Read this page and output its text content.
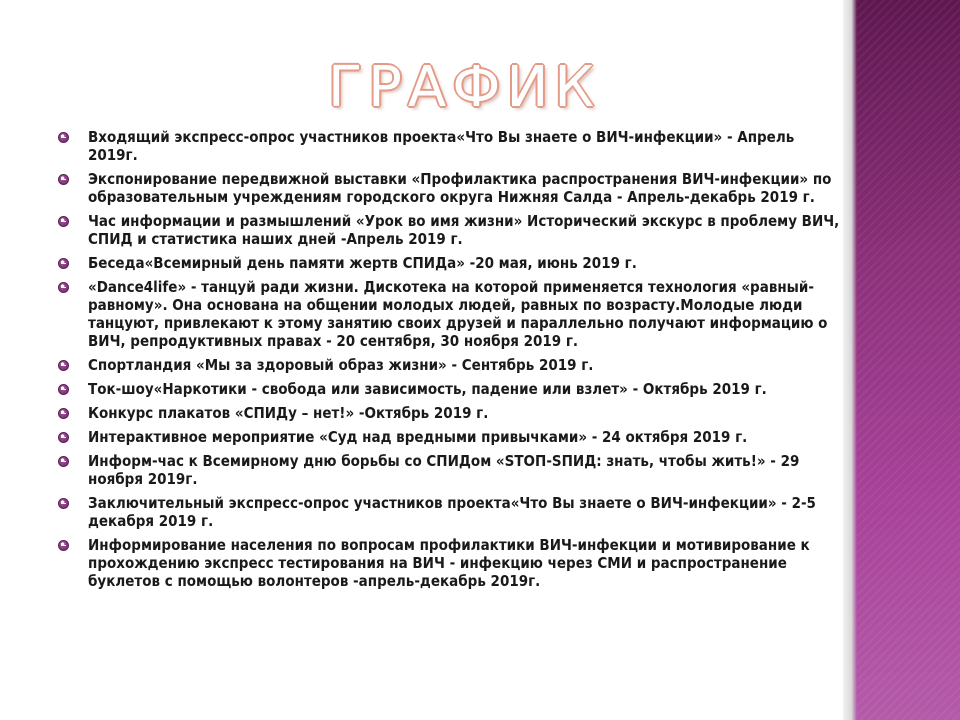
ГРАФИК
Входящий экспресс-опрос участников проекта«Что Вы знаете о ВИЧ-инфекции» - Апрель 2019г.
Экспонирование передвижной выставки «Профилактика распространения ВИЧ-инфекции» по образовательным учреждениям городского округа Нижняя Салда - Апрель-декабрь 2019 г.
Час информации и размышлений «Урок во имя жизни» Исторический экскурс в проблему ВИЧ, СПИД и статистика наших дней -Апрель 2019 г.
Беседа«Всемирный день памяти жертв СПИДа» -20 мая, июнь 2019 г.
«Dance4life» - танцуй ради жизни. Дискотека на которой применяется технология «равный-равному». Она основана на общении молодых людей, равных по возрасту.Молодые люди танцуют, привлекают к этому занятию своих друзей и параллельно получают информацию о ВИЧ, репродуктивных правах - 20 сентября, 30 ноября 2019 г.
Спортландия «Мы за здоровый образ жизни» - Сентябрь 2019 г.
Ток-шоу«Наркотики - свобода или зависимость, падение или взлет» - Октябрь 2019 г.
Конкурс плакатов «СПИДу – нет!» -Октябрь 2019 г.
Интерактивное мероприятие «Суд над вредными привычками» - 24 октября 2019 г.
Информ-час к Всемирному дню борьбы со СПИДом «STOП-SПИД: знать, чтобы жить!» - 29 ноября 2019г.
Заключительный экспресс-опрос участников проекта«Что Вы знаете о ВИЧ-инфекции» - 2-5 декабря 2019 г.
Информирование населения по вопросам профилактики ВИЧ-инфекции и мотивирование к прохождению экспресс тестирования на ВИЧ - инфекцию через СМИ и распространение буклетов с помощью волонтеров -апрель-декабрь 2019г.
